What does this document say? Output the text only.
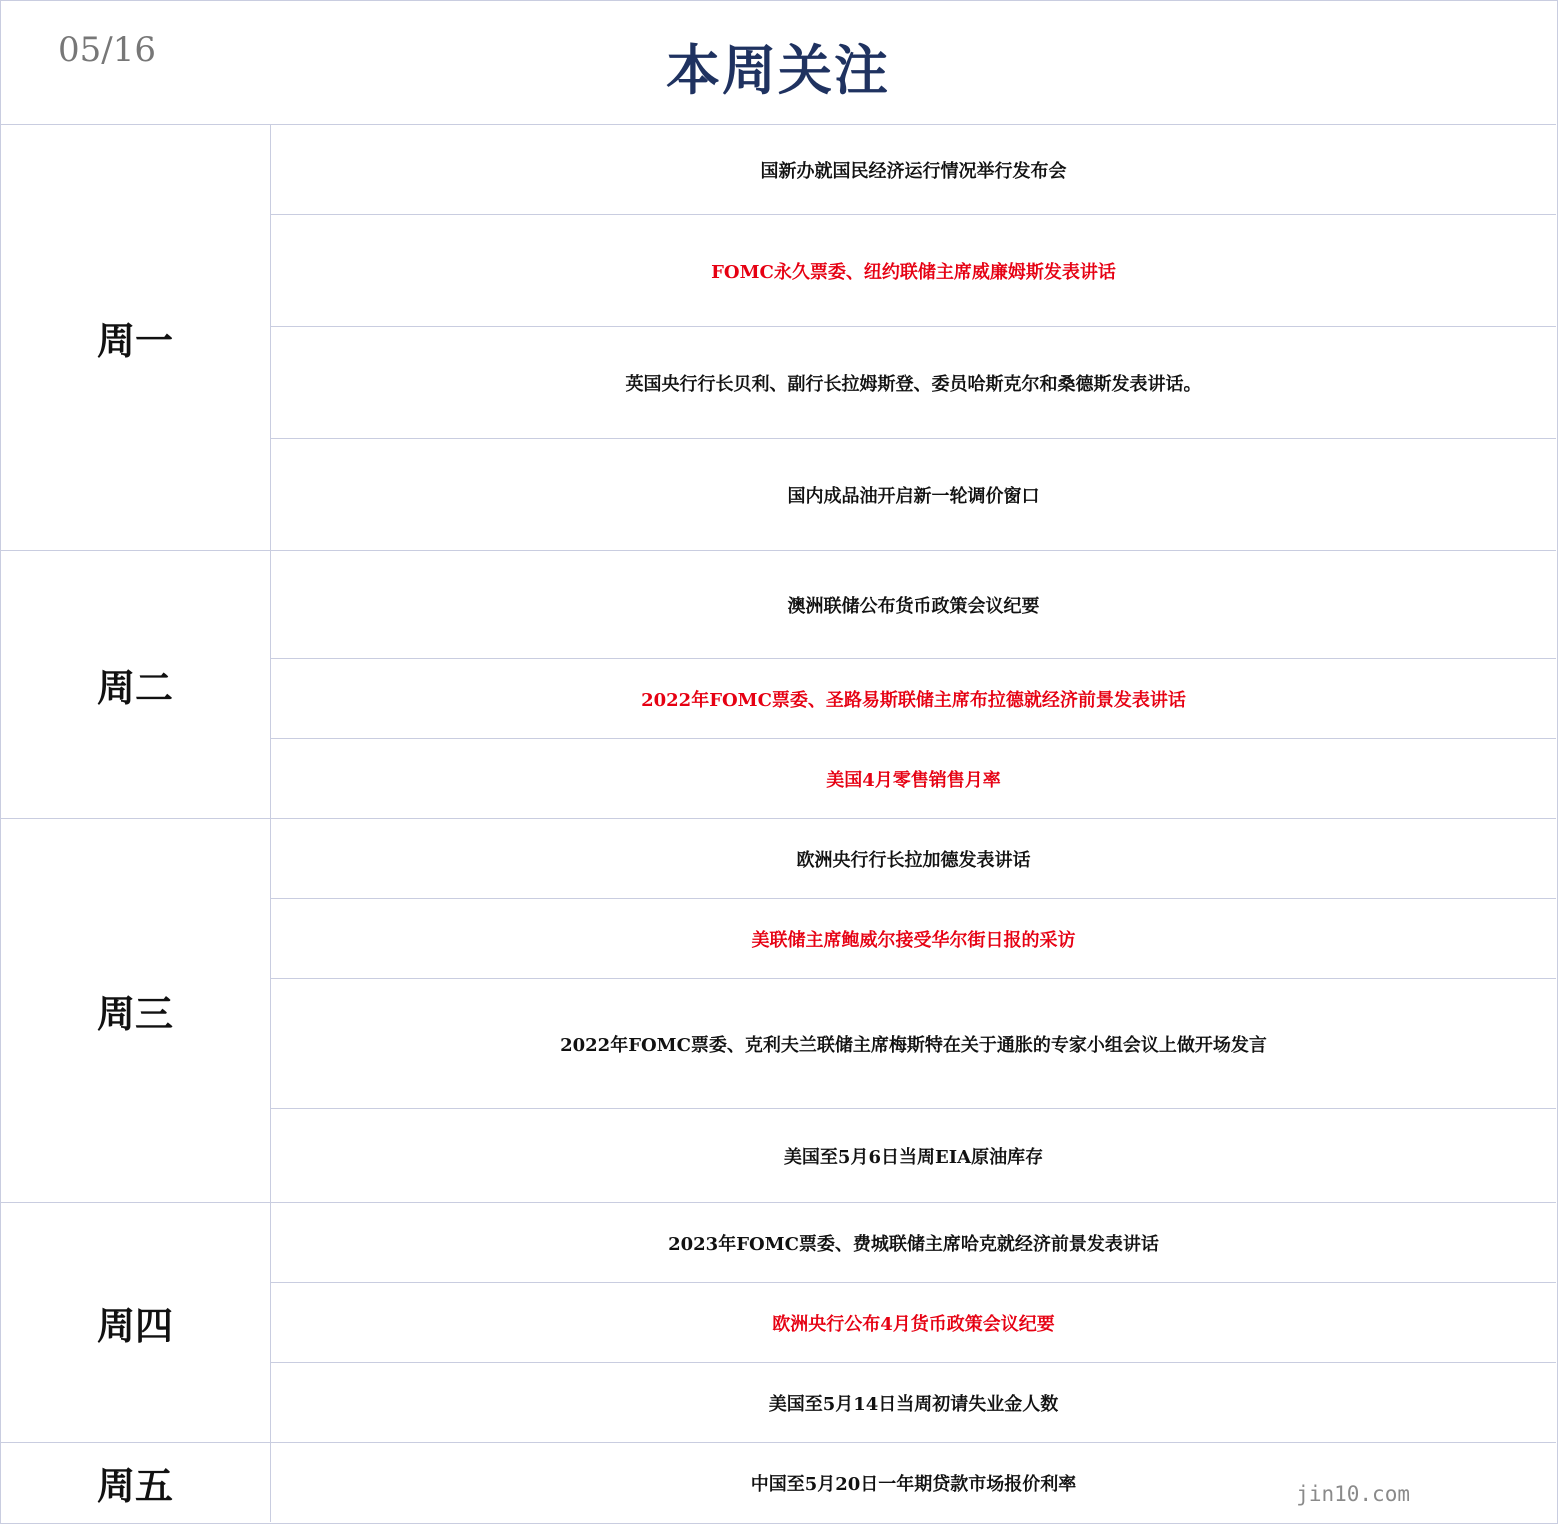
05/16	本周关注
周一
国新办就国民经济运行情况举行发布会
FOMC永久票委、纽约联储主席威廉姆斯发表讲话
英国央行行长贝利、副行长拉姆斯登、委员哈斯克尔和桑德斯发表讲话。
国内成品油开启新一轮调价窗口
周二
澳洲联储公布货币政策会议纪要
2022年FOMC票委、圣路易斯联储主席布拉德就经济前景发表讲话
美国4月零售销售月率
周三
欧洲央行行长拉加德发表讲话
美联储主席鲍威尔接受华尔街日报的采访
2022年FOMC票委、克利夫兰联储主席梅斯特在关于通胀的专家小组会议上做开场发言
美国至5月6日当周EIA原油库存
周四
2023年FOMC票委、费城联储主席哈克就经济前景发表讲话
欧洲央行公布4月货币政策会议纪要
美国至5月14日当周初请失业金人数
周五	中国至5月20日一年期贷款市场报价利率	jin10.com
